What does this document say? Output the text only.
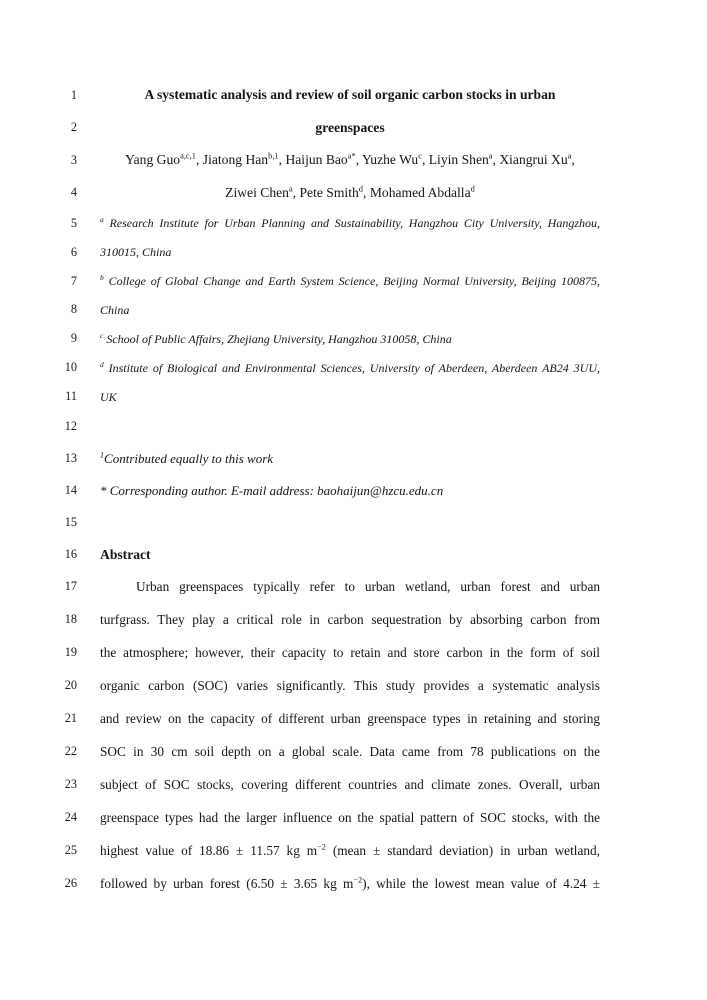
1	A systematic analysis and review of soil organic carbon stocks in urban
2	greenspaces
3	Yang Guo$^{a,c,1}$, Jiatong Han$^{b,1}$, Haijun Bao$^{a*}$, Yuzhe Wu$^c$, Liyin Shen$^a$, Xiangrui Xu$^a$,
4	Ziwei Chen$^a$, Pete Smith$^d$, Mohamed Abdalla$^d$
5	$^a$ Research Institute for Urban Planning and Sustainability, Hangzhou City University, Hangzhou,
6 310015, China
7	$^b$ College of Global Change and Earth System Science, Beijing Normal University, Beijing 100875,
8 China
9	$^c$ School of Public Affairs, Zhejiang University, Hangzhou 310058, China
10	$^d$ Institute of Biological and Environmental Sciences, University of Aberdeen, Aberdeen AB24 3UU,
11 UK
12
13	$^1$Contributed equally to this work
14 * Corresponding author. E-mail address: baohaijun@hzcu.edu.cn
15
16 Abstract
17	Urban greenspaces typically refer to urban wetland, urban forest and urban
18 turfgrass. They play a critical role in carbon sequestration by absorbing carbon from
19 the atmosphere; however, their capacity to retain and store carbon in the form of soil
20 organic carbon (SOC) varies significantly. This study provides a systematic analysis
21 and review on the capacity of different urban greenspace types in retaining and storing
22 SOC in 30 cm soil depth on a global scale. Data came from 78 publications on the
23 subject of SOC stocks, covering different countries and climate zones. Overall, urban
24 greenspace types had the larger influence on the spatial pattern of SOC stocks, with the
25 highest value of 18.86 ± 11.57 kg $m^{-2}$ (mean ± standard deviation) in urban wetland,
26 followed by urban forest (6.50 ± 3.65 kg $m^{-2}$), while the lowest mean value of 4.24 ±
